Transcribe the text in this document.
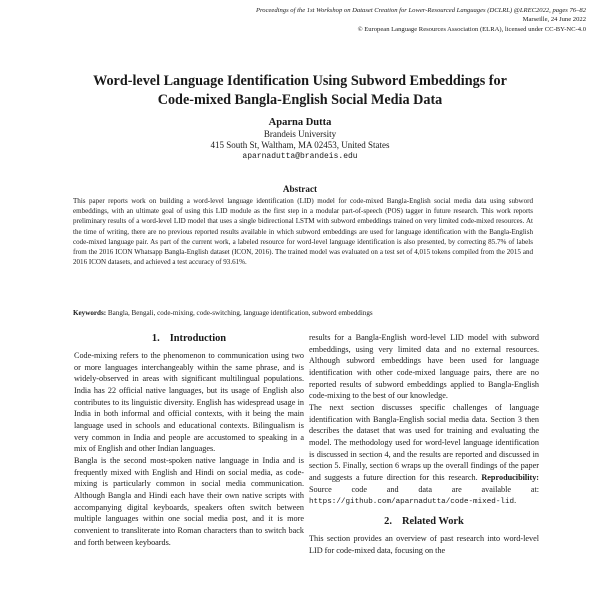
Proceedings of the 1st Workshop on Dataset Creation for Lower-Resourced Languages (DCLRL) @LREC2022, pages 76–82
Marseille, 24 June 2022
© European Language Resources Association (ELRA), licensed under CC-BY-NC-4.0
Word-level Language Identification Using Subword Embeddings for
Code-mixed Bangla-English Social Media Data
Aparna Dutta
Brandeis University
415 South St, Waltham, MA 02453, United States
aparnadutta@brandeis.edu
Abstract
This paper reports work on building a word-level language identification (LID) model for code-mixed Bangla-English social media data using subword embeddings, with an ultimate goal of using this LID module as the first step in a modular part-of-speech (POS) tagger in future research. This work reports preliminary results of a word-level LID model that uses a single bidirectional LSTM with subword embeddings trained on very limited code-mixed resources. At the time of writing, there are no previous reported results available in which subword embeddings are used for language identification with the Bangla-English code-mixed language pair. As part of the current work, a labeled resource for word-level language identification is also presented, by correcting 85.7% of labels from the 2016 ICON Whatsapp Bangla-English dataset (ICON, 2016). The trained model was evaluated on a test set of 4,015 tokens compiled from the 2015 and 2016 ICON datasets, and achieved a test accuracy of 93.61%.
Keywords: Bangla, Bengali, code-mixing, code-switching, language identification, subword embeddings
1. Introduction

Code-mixing refers to the phenomenon to communication using two or more languages interchangeably within the same phrase, and is widely-observed in areas with significant multilingual populations. India has 22 official native languages, but its usage of English also contributes to its linguistic diversity. English has widespread usage in India in both informal and official contexts, with it being the main language used in schools and educational contexts. Bilingualism is very common in India and people are accustomed to speaking in a mix of English and other Indian languages.

Bangla is the second most-spoken native language in India and is frequently mixed with English and Hindi on social media, as code-mixing is particularly common in social media communication. Although Bangla and Hindi each have their own native scripts with accompanying digital keyboards, speakers often switch between multiple languages within one social media post, and it is more convenient to transliterate into Roman characters than to switch back and forth between keyboards.

results for a Bangla-English word-level LID model with subword embeddings, using very limited data and no external resources. Although subword embeddings have been used for language identification with other code-mixed language pairs, there are no reported results of subword embeddings applied to Bangla-English code-mixing to the best of our knowledge.

The next section discusses specific challenges of language identification with Bangla-English social media data. Section 3 then describes the dataset that was used for training and evaluating the model. The methodology used for word-level language identification is discussed in section 4, and the results are reported and discussed in section 5. Finally, section 6 wraps up the overall findings of the paper and suggests a future direction for this research. Reproducibility: Source code and data are available at: https://github.com/aparnadutta/code-mixed-lid.

2. Related Work

This section provides an overview of past research into word-level LID for code-mixed data, focusing on the
